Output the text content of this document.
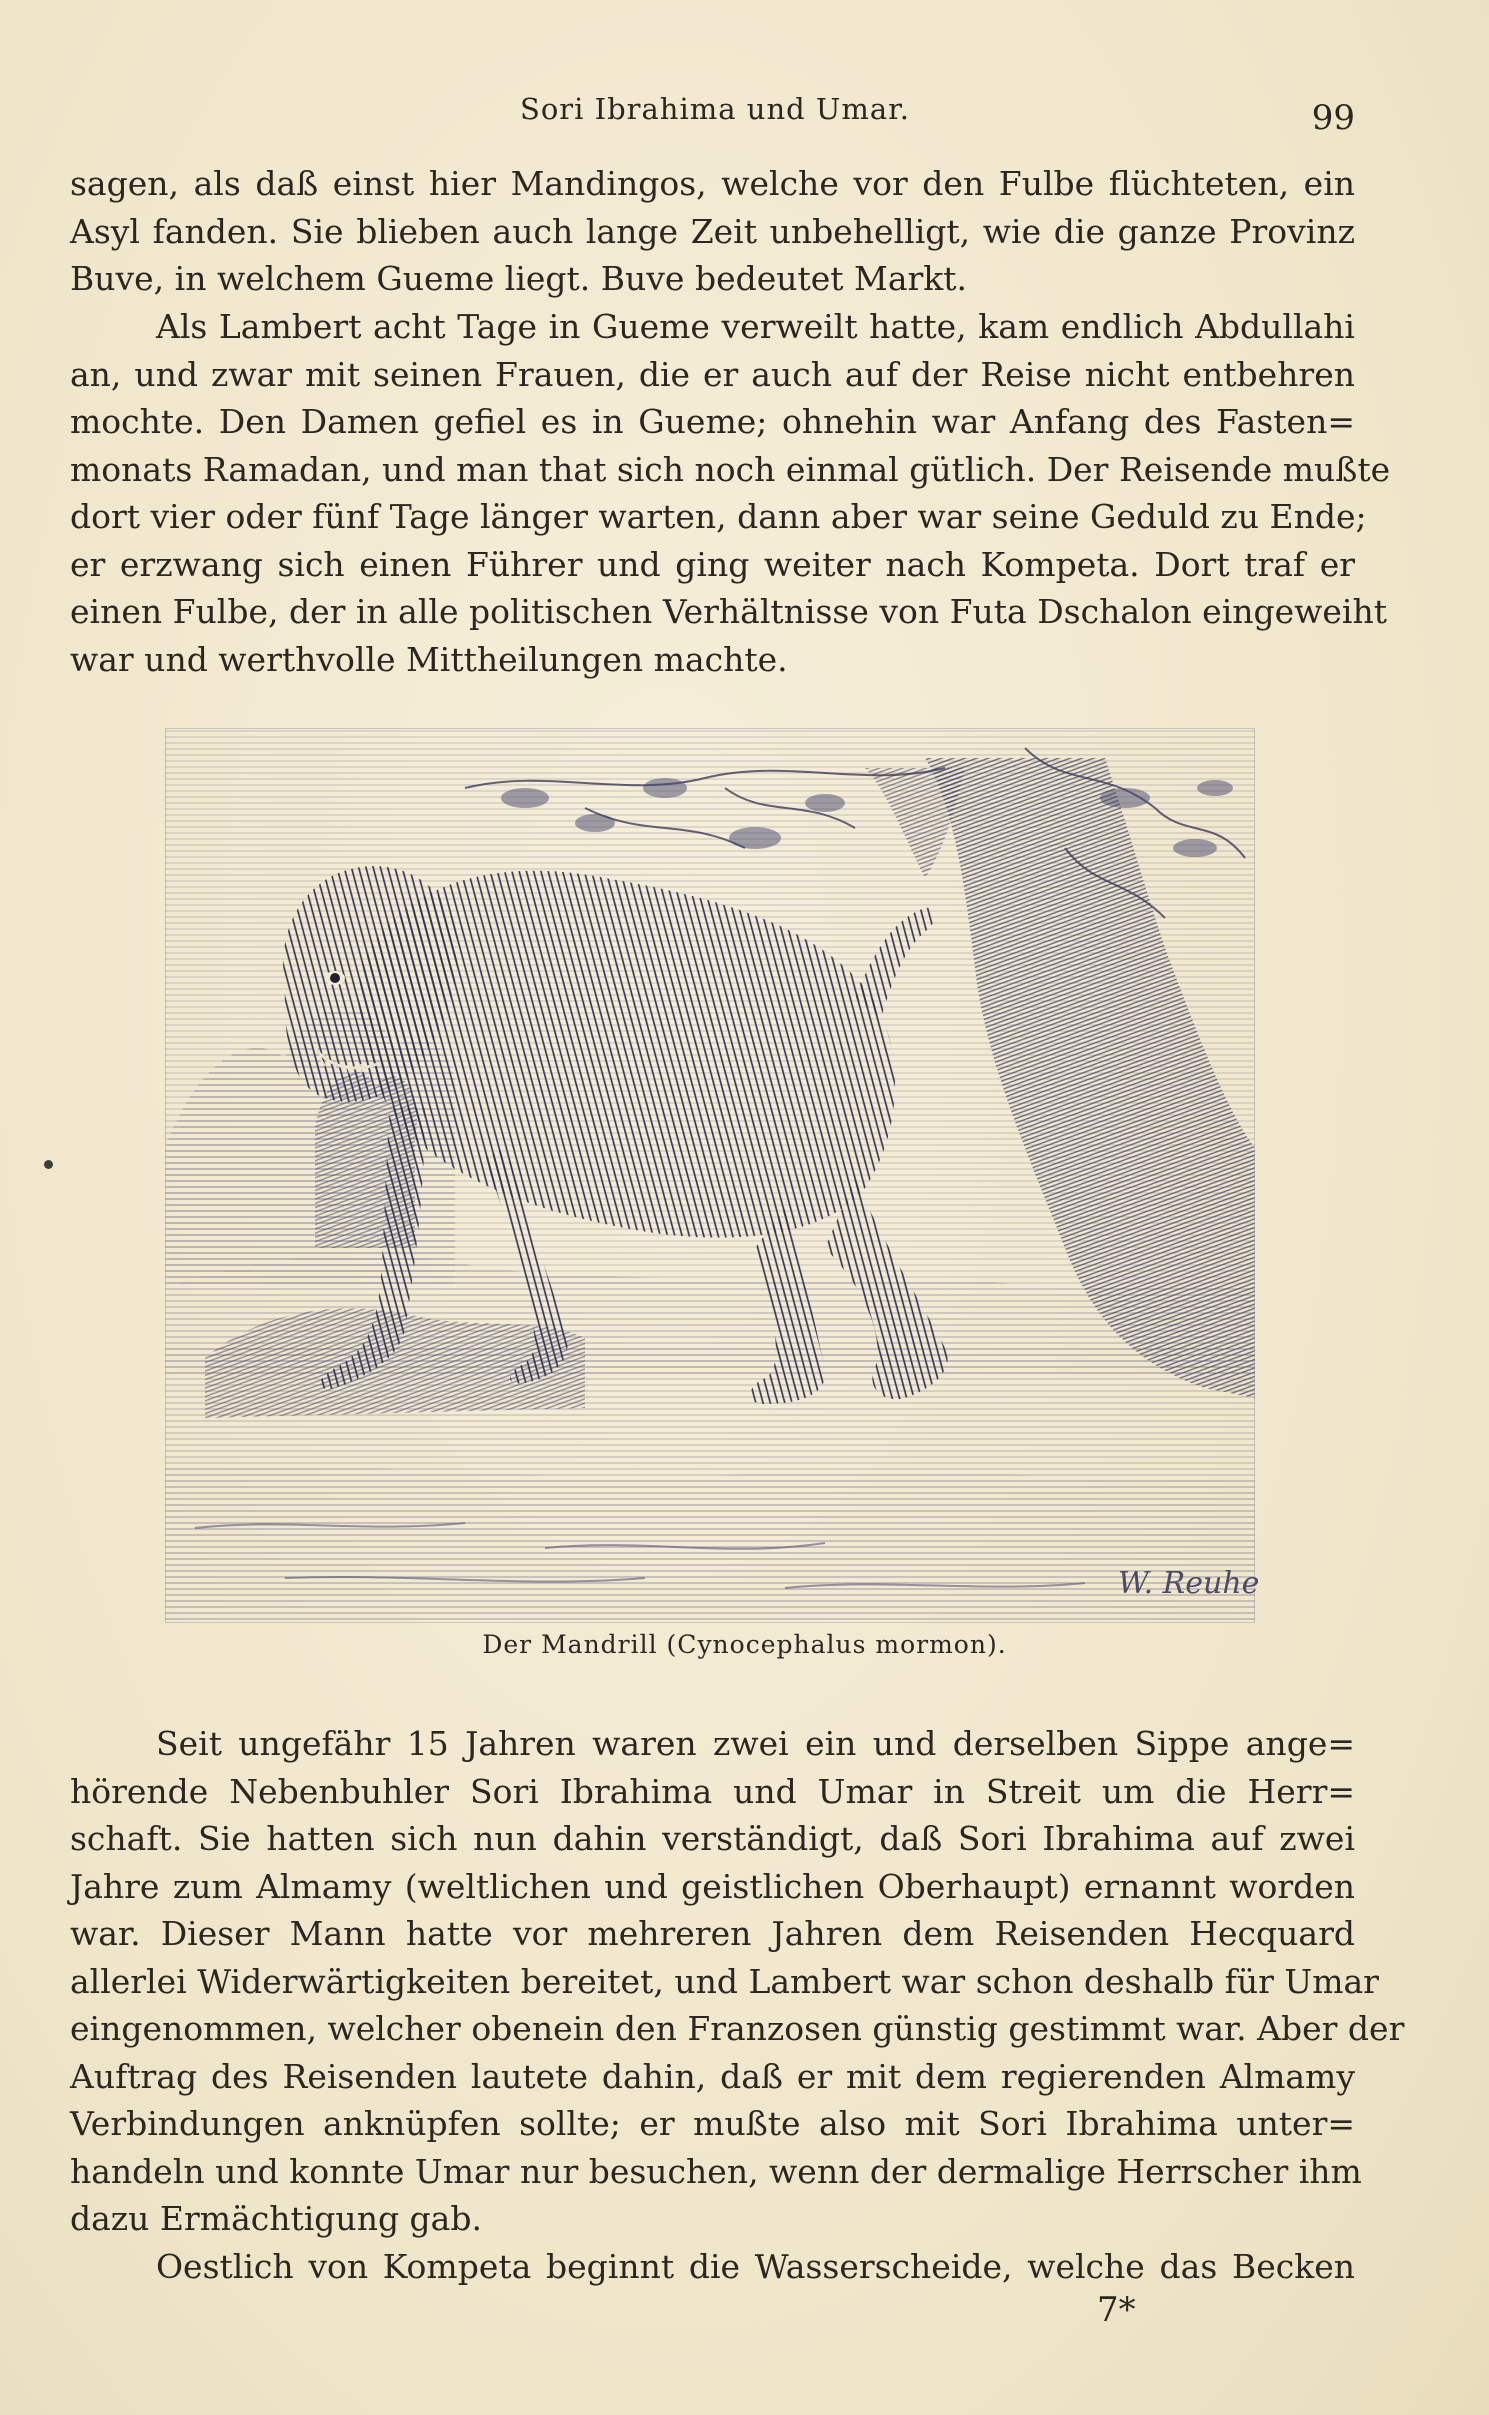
Sori Ibrahima und Umar.	99
sagen, als daß einst hier Mandingos, welche vor den Fulbe flüchteten, ein
Asyl fanden. Sie blieben auch lange Zeit unbehelligt, wie die ganze Provinz
Buve, in welchem Gueme liegt. Buve bedeutet Markt.
Als Lambert acht Tage in Gueme verweilt hatte, kam endlich Abdullahi
an, und zwar mit seinen Frauen, die er auch auf der Reise nicht entbehren
mochte. Den Damen gefiel es in Gueme; ohnehin war Anfang des Fasten=
monats Ramadan, und man that sich noch einmal gütlich. Der Reisende mußte
dort vier oder fünf Tage länger warten, dann aber war seine Geduld zu Ende;
er erzwang sich einen Führer und ging weiter nach Kompeta. Dort traf er
einen Fulbe, der in alle politischen Verhältnisse von Futa Dschalon eingeweiht
war und werthvolle Mittheilungen machte.
W. Reuhe
Der Mandrill (Cynocephalus mormon).
Seit ungefähr 15 Jahren waren zwei ein und derselben Sippe ange=
hörende Nebenbuhler Sori Ibrahima und Umar in Streit um die Herr=
schaft. Sie hatten sich nun dahin verständigt, daß Sori Ibrahima auf zwei
Jahre zum Almamy (weltlichen und geistlichen Oberhaupt) ernannt worden
war. Dieser Mann hatte vor mehreren Jahren dem Reisenden Hecquard
allerlei Widerwärtigkeiten bereitet, und Lambert war schon deshalb für Umar
eingenommen, welcher obenein den Franzosen günstig gestimmt war. Aber der
Auftrag des Reisenden lautete dahin, daß er mit dem regierenden Almamy
Verbindungen anknüpfen sollte; er mußte also mit Sori Ibrahima unter=
handeln und konnte Umar nur besuchen, wenn der dermalige Herrscher ihm
dazu Ermächtigung gab.
Oestlich von Kompeta beginnt die Wasserscheide, welche das Becken
7*
